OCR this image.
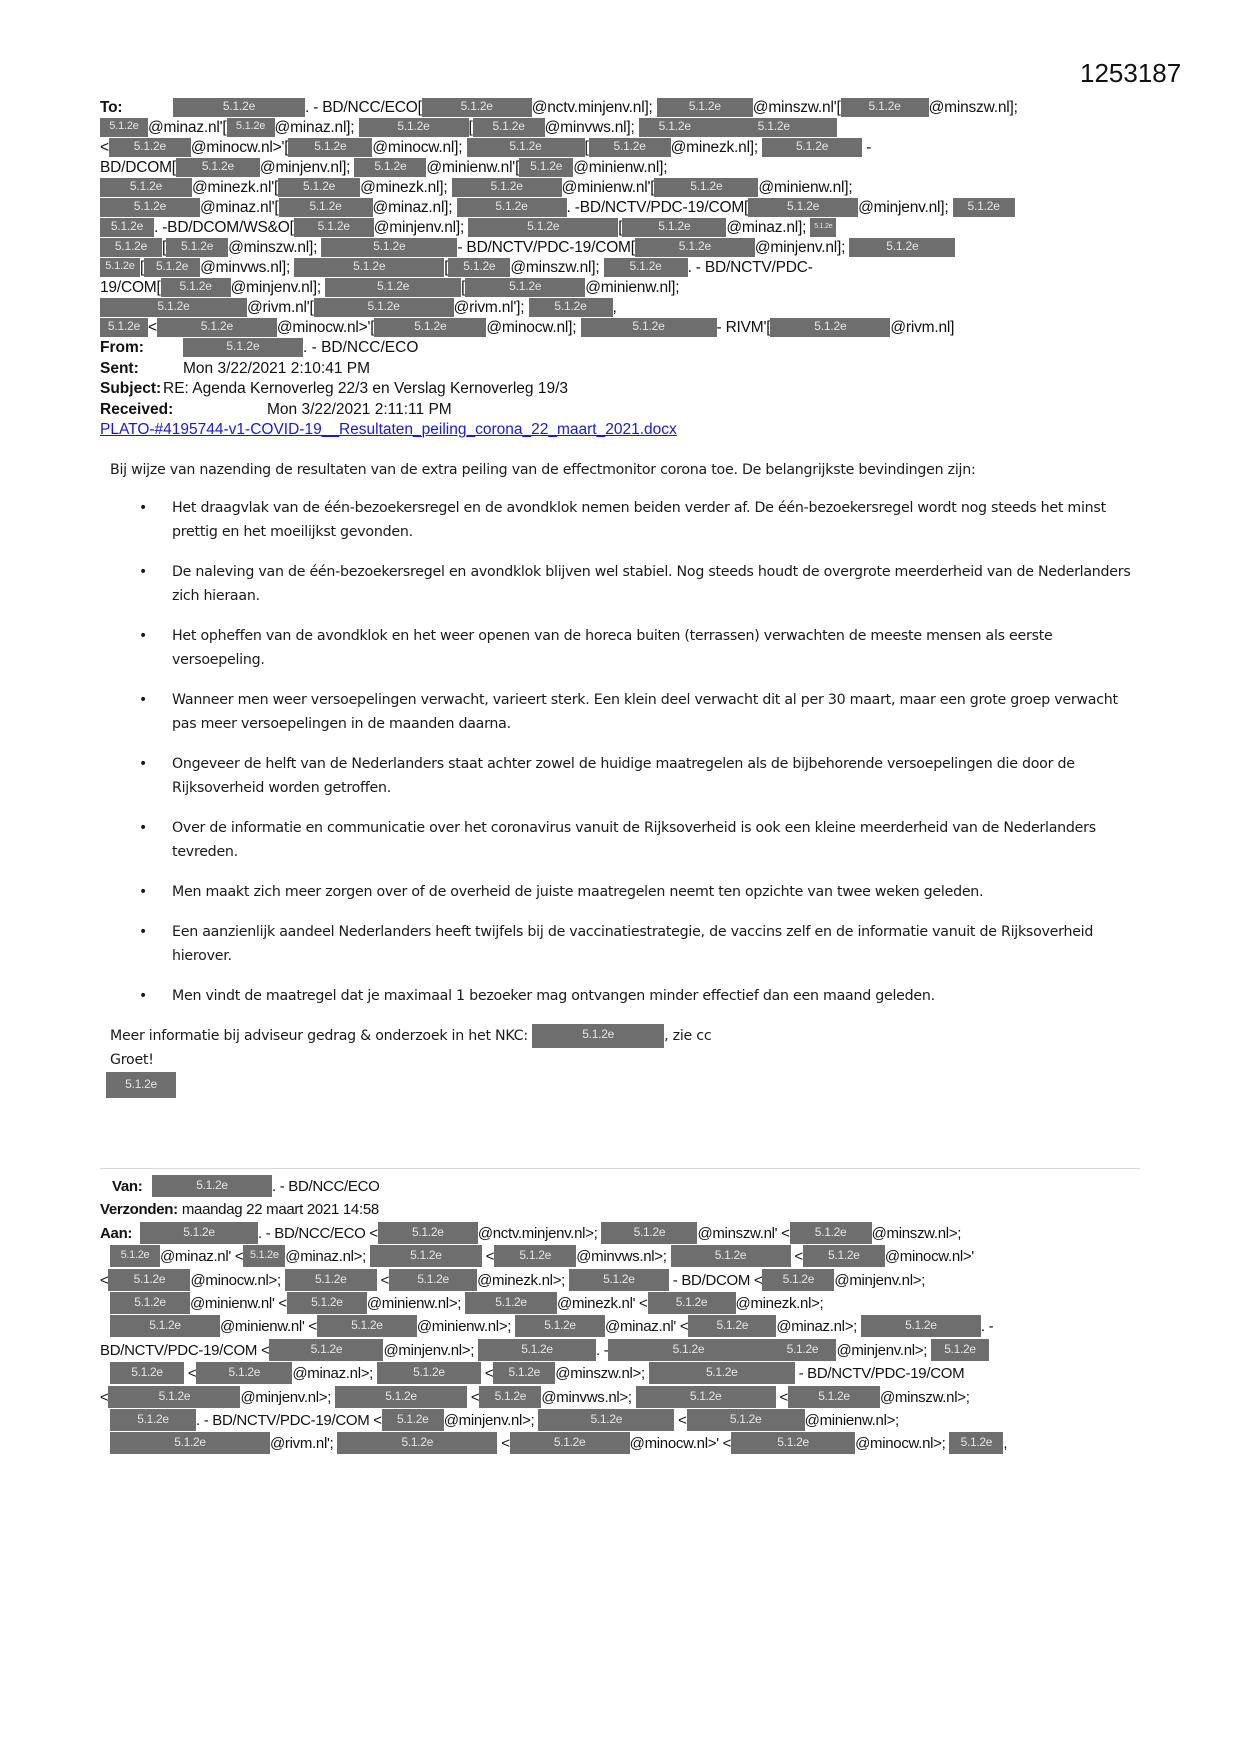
1253187
To:	5.1.2e	. - BD/NCC/ECO[	5.1.2e	@nctv.minjenv.nl];	5.1.2e @minszw.nl'[ 5.1.2e @minszw.nl];
5.1.2e @minaz.nl'[ 5.1.2e @minaz.nl];	5.1.2e	[ 5.1.2e @minvws.nl]; 5.1.2e	5.1.2e
< 5.1.2e @minocw.nl>'[ 5.1.2e @minocw.nl];	5.1.2e	[ 5.1.2e @minezk.nl];	5.1.2e -
BD/DCOM[ 5.1.2e @minjenv.nl]; 5.1.2e @minienw.nl'[ 5.1.2e @minienw.nl];
5.1.2e @minezk.nl'[ 5.1.2e @minezk.nl];	5.1.2e	@minienw.nl'[	5.1.2e @minienw.nl];
5.1.2e @minaz.nl'[	5.1.2e @minaz.nl];	5.1.2e	. -BD/NCTV/PDC-19/COM[	5.1.2e	@minjenv.nl]; 5.1.2e
5.1.2e . -BD/DCOM/WS&O[ 5.1.2e @minjenv.nl];	5.1.2e	[	5.1.2e @minaz.nl]; 5.1.2e
5.1.2e [ 5.1.2e @minszw.nl];	5.1.2e	- BD/NCTV/PDC-19/COM[	5.1.2e	@minjenv.nl];	5.1.2e
5.1.2e [ 5.1.2e @minvws.nl];	5.1.2e	[ 5.1.2e @minszw.nl];	5.1.2e . - BD/NCTV/PDC-
19/COM[ 5.1.2e @minjenv.nl];	5.1.2e	[	5.1.2e	@minienw.nl];
5.1.2e	@rivm.nl'[	5.1.2e	@rivm.nl'];	5.1.2e ,
5.1.2e <	5.1.2e	@minocw.nl>'[	5.1.2e	@minocw.nl];	5.1.2e	- RIVM'[	5.1.2e	@rivm.nl]
From:	5.1.2e	. - BD/NCC/ECO
Sent:	Mon 3/22/2021 2:10:41 PM
Subject: RE: Agenda Kernoverleg 22/3 en Verslag Kernoverleg 19/3
Received:	Mon 3/22/2021 2:11:11 PM
PLATO-#4195744-v1-COVID-19__Resultaten_peiling_corona_22_maart_2021.docx

Bij wijze van nazending de resultaten van de extra peiling van de effectmonitor corona toe. De belangrijkste bevindingen zijn:

• Het draagvlak van de één-bezoekersregel en de avondklok nemen beiden verder af. De één-bezoekersregel wordt nog steeds het minst prettig en het moeilijkst gevonden.
• De naleving van de één-bezoekersregel en avondklok blijven wel stabiel. Nog steeds houdt de overgrote meerderheid van de Nederlanders zich hieraan.
• Het opheffen van de avondklok en het weer openen van de horeca buiten (terrassen) verwachten de meeste mensen als eerste versoepeling.
• Wanneer men weer versoepelingen verwacht, varieert sterk. Een klein deel verwacht dit al per 30 maart, maar een grote groep verwacht pas meer versoepelingen in de maanden daarna.
• Ongeveer de helft van de Nederlanders staat achter zowel de huidige maatregelen als de bijbehorende versoepelingen die door de Rijksoverheid worden getroffen.
• Over de informatie en communicatie over het coronavirus vanuit de Rijksoverheid is ook een kleine meerderheid van de Nederlanders tevreden.
• Men maakt zich meer zorgen over of de overheid de juiste maatregelen neemt ten opzichte van twee weken geleden.
• Een aanzienlijk aandeel Nederlanders heeft twijfels bij de vaccinatiestrategie, de vaccins zelf en de informatie vanuit de Rijksoverheid hierover.
• Men vindt de maatregel dat je maximaal 1 bezoeker mag ontvangen minder effectief dan een maand geleden.

Meer informatie bij adviseur gedrag & onderzoek in het NKC:	5.1.2e	, zie cc

Groet!

5.1.2e

Van:	5.1.2e	. - BD/NCC/ECO
Verzonden: maandag 22 maart 2021 14:58
Aan:	5.1.2e	. - BD/NCC/ECO <	5.1.2e @nctv.minjenv.nl>;	5.1.2e @minszw.nl' < 5.1.2e @minszw.nl>;
5.1.2e @minaz.nl' < 5.1.2e @minaz.nl>;	5.1.2e	< 5.1.2e @minvws.nl>;	5.1.2e	< 5.1.2e @minocw.nl>'
< 5.1.2e @minocw.nl>;	5.1.2e < 5.1.2e @minezk.nl>;	5.1.2e	- BD/DCOM < 5.1.2e @minjenv.nl>;
5.1.2e @minienw.nl' < 5.1.2e @minienw.nl>;	5.1.2e @minezk.nl' < 5.1.2e @minezk.nl>;
5.1.2e	@minienw.nl' <	5.1.2e @minienw.nl>;	5.1.2e @minaz.nl' < 5.1.2e @minaz.nl>;	5.1.2e	. -
BD/NCTV/PDC-19/COM <	5.1.2e	@minjenv.nl>;	5.1.2e	. -	5.1.2e	5.1.2e @minjenv.nl>; 5.1.2e
5.1.2e <	5.1.2e @minaz.nl>;	5.1.2e	< 5.1.2e @minszw.nl>;	5.1.2e	- BD/NCTV/PDC-19/COM
<	5.1.2e	@minjenv.nl>;	5.1.2e	< 5.1.2e @minvws.nl>;	5.1.2e	<	5.1.2e @minszw.nl>;
5.1.2e . - BD/NCTV/PDC-19/COM < 5.1.2e @minjenv.nl>;	5.1.2e	<	5.1.2e	@minienw.nl>;
5.1.2e	@rivm.nl';	5.1.2e	<	5.1.2e	@minocw.nl>' <	5.1.2e	@minocw.nl>; 5.1.2e ,
